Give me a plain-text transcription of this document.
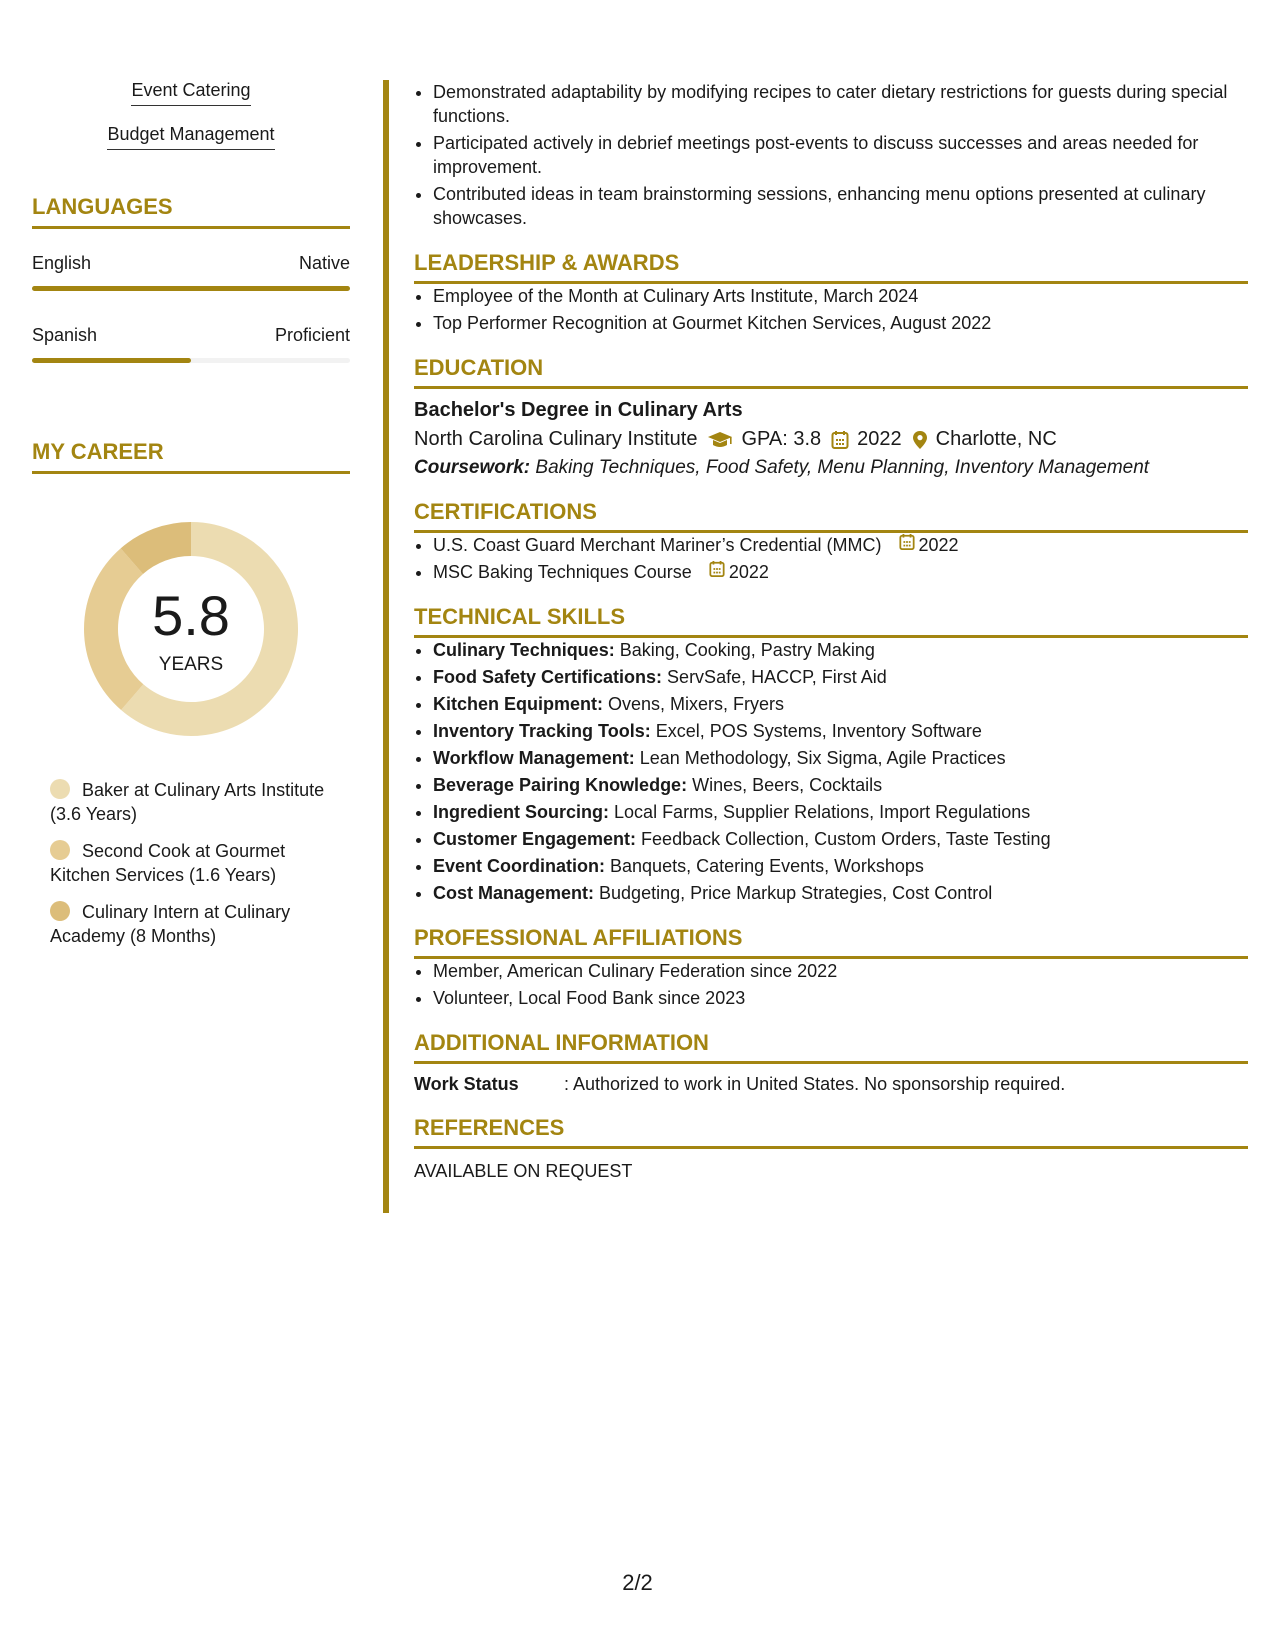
Event Catering
Budget Management
LANGUAGES
English	Native
Spanish	Proficient
MY CAREER
5.8
YEARS
Baker at Culinary Arts Institute (3.6 Years)
Second Cook at Gourmet Kitchen Services (1.6 Years)
Culinary Intern at Culinary Academy (8 Months)
• Demonstrated adaptability by modifying recipes to cater dietary restrictions for guests during special functions.
• Participated actively in debrief meetings post-events to discuss successes and areas needed for improvement.
• Contributed ideas in team brainstorming sessions, enhancing menu options presented at culinary showcases.
LEADERSHIP & AWARDS
• Employee of the Month at Culinary Arts Institute, March 2024
• Top Performer Recognition at Gourmet Kitchen Services, August 2022
EDUCATION
Bachelor's Degree in Culinary Arts
North Carolina Culinary Institute GPA: 3.8 2022 Charlotte, NC
Coursework: Baking Techniques, Food Safety, Menu Planning, Inventory Management
CERTIFICATIONS
• U.S. Coast Guard Merchant Mariner’s Credential (MMC) 2022
• MSC Baking Techniques Course 2022
TECHNICAL SKILLS
• Culinary Techniques: Baking, Cooking, Pastry Making
• Food Safety Certifications: ServSafe, HACCP, First Aid
• Kitchen Equipment: Ovens, Mixers, Fryers
• Inventory Tracking Tools: Excel, POS Systems, Inventory Software
• Workflow Management: Lean Methodology, Six Sigma, Agile Practices
• Beverage Pairing Knowledge: Wines, Beers, Cocktails
• Ingredient Sourcing: Local Farms, Supplier Relations, Import Regulations
• Customer Engagement: Feedback Collection, Custom Orders, Taste Testing
• Event Coordination: Banquets, Catering Events, Workshops
• Cost Management: Budgeting, Price Markup Strategies, Cost Control
PROFESSIONAL AFFILIATIONS
• Member, American Culinary Federation since 2022
• Volunteer, Local Food Bank since 2023
ADDITIONAL INFORMATION
Work Status	: Authorized to work in United States. No sponsorship required.
REFERENCES
AVAILABLE ON REQUEST
2/2
